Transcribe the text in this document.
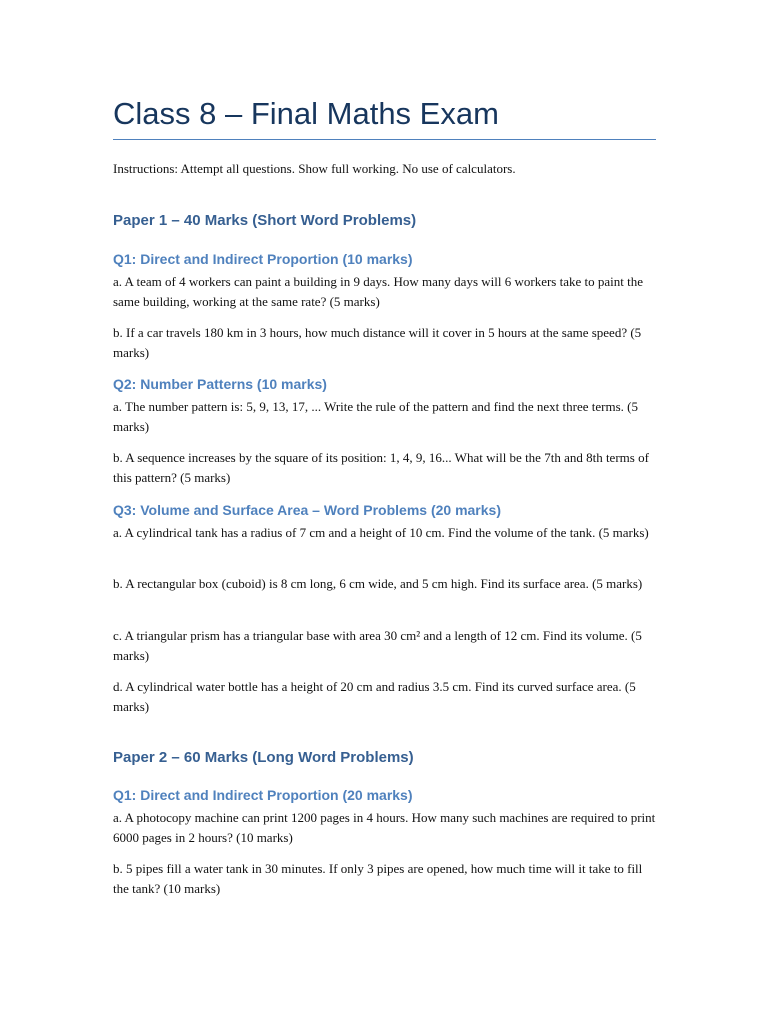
Class 8 – Final Maths Exam

Instructions: Attempt all questions. Show full working. No use of calculators.

Paper 1 – 40 Marks (Short Word Problems)
Q1: Direct and Indirect Proportion (10 marks)

a. A team of 4 workers can paint a building in 9 days. How many days will 6 workers take to paint the same building, working at the same rate? (5 marks)

b. If a car travels 180 km in 3 hours, how much distance will it cover in 5 hours at the same speed? (5 marks)

Q2: Number Patterns (10 marks)

a. The number pattern is: 5, 9, 13, 17, ... Write the rule of the pattern and find the next three terms. (5 marks)

b. A sequence increases by the square of its position: 1, 4, 9, 16... What will be the 7th and 8th terms of this pattern? (5 marks)

Q3: Volume and Surface Area – Word Problems (20 marks)

a. A cylindrical tank has a radius of 7 cm and a height of 10 cm. Find the volume of the tank. (5 marks)

b. A rectangular box (cuboid) is 8 cm long, 6 cm wide, and 5 cm high. Find its surface area. (5 marks)

c. A triangular prism has a triangular base with area 30 cm² and a length of 12 cm. Find its volume. (5 marks)

d. A cylindrical water bottle has a height of 20 cm and radius 3.5 cm. Find its curved surface area. (5 marks)

Paper 2 – 60 Marks (Long Word Problems)
Q1: Direct and Indirect Proportion (20 marks)

a. A photocopy machine can print 1200 pages in 4 hours. How many such machines are required to print 6000 pages in 2 hours? (10 marks)

b. 5 pipes fill a water tank in 30 minutes. If only 3 pipes are opened, how much time will it take to fill the tank? (10 marks)
